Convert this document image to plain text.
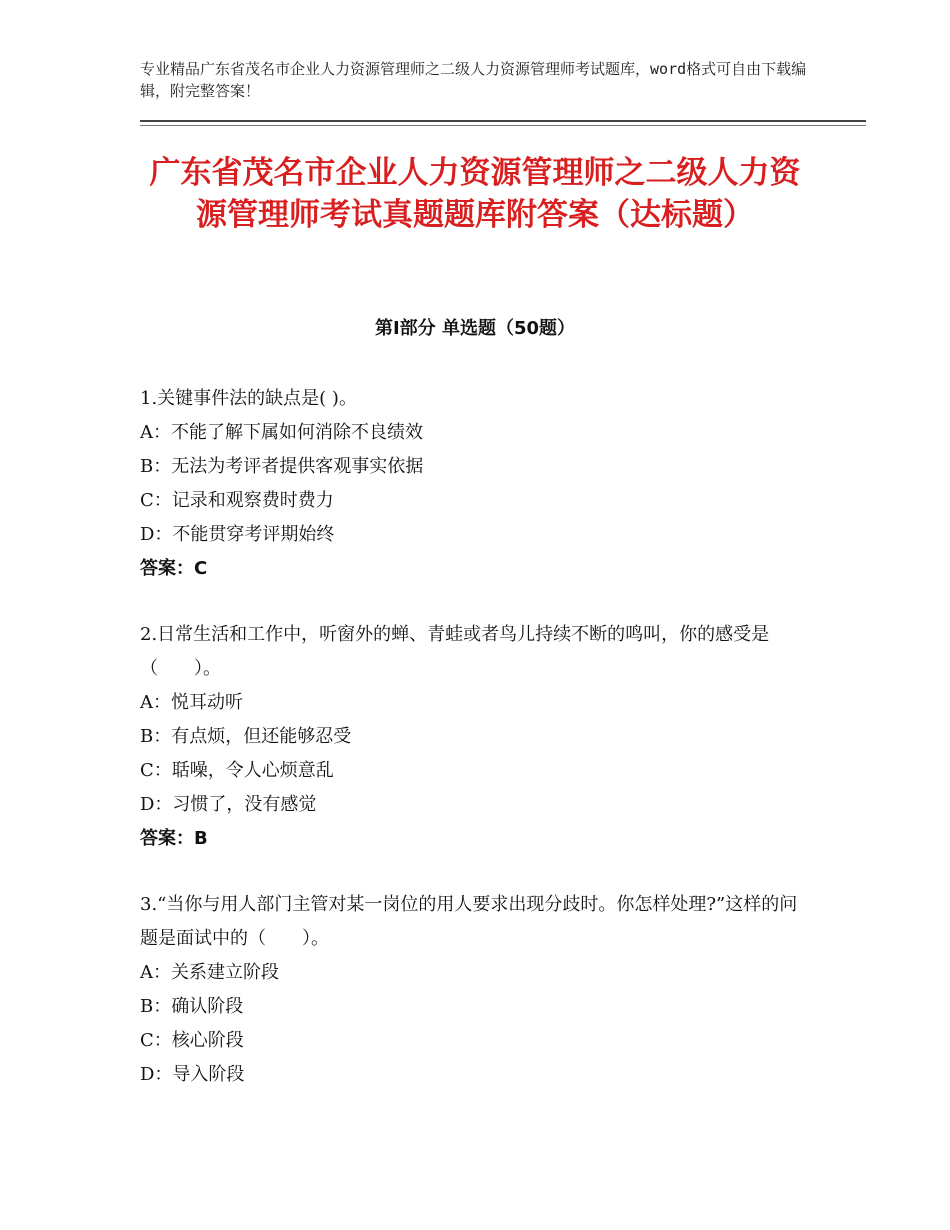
专业精品广东省茂名市企业人力资源管理师之二级人力资源管理师考试题库，word格式可自由下载编辑，附完整答案！
广东省茂名市企业人力资源管理师之二级人力资源管理师考试真题题库附答案（达标题）
第Ⅰ部分 单选题（50题）

1.关键事件法的缺点是( )。

A：不能了解下属如何消除不良绩效

B：无法为考评者提供客观事实依据

C：记录和观察费时费力

D：不能贯穿考评期始终

答案：C

2.日常生活和工作中，听窗外的蝉、青蛙或者鸟儿持续不断的鸣叫，你的感受是（　　）。

A：悦耳动听

B：有点烦，但还能够忍受

C：聒噪，令人心烦意乱

D：习惯了，没有感觉

答案：B

3.“当你与用人部门主管对某一岗位的用人要求出现分歧时。你怎样处理?”这样的问题是面试中的（　　）。

A：关系建立阶段

B：确认阶段

C：核心阶段

D：导入阶段
